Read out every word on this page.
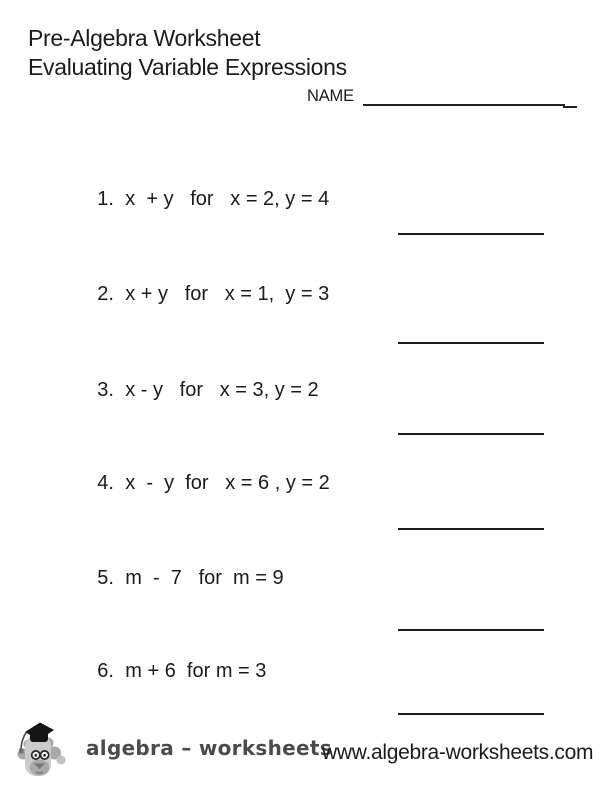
Pre-Algebra Worksheet
Evaluating Variable Expressions
NAME

1. x  + y   for   x = 2, y = 4

2. x + y   for   x = 1,  y = 3

3. x - y   for   x = 3, y = 2

4. x  -  y  for   x = 6 , y = 2

5. m  -  7   for  m = 9

6. m + 6  for m = 3

algebra – worksheets
www.algebra-worksheets.com
